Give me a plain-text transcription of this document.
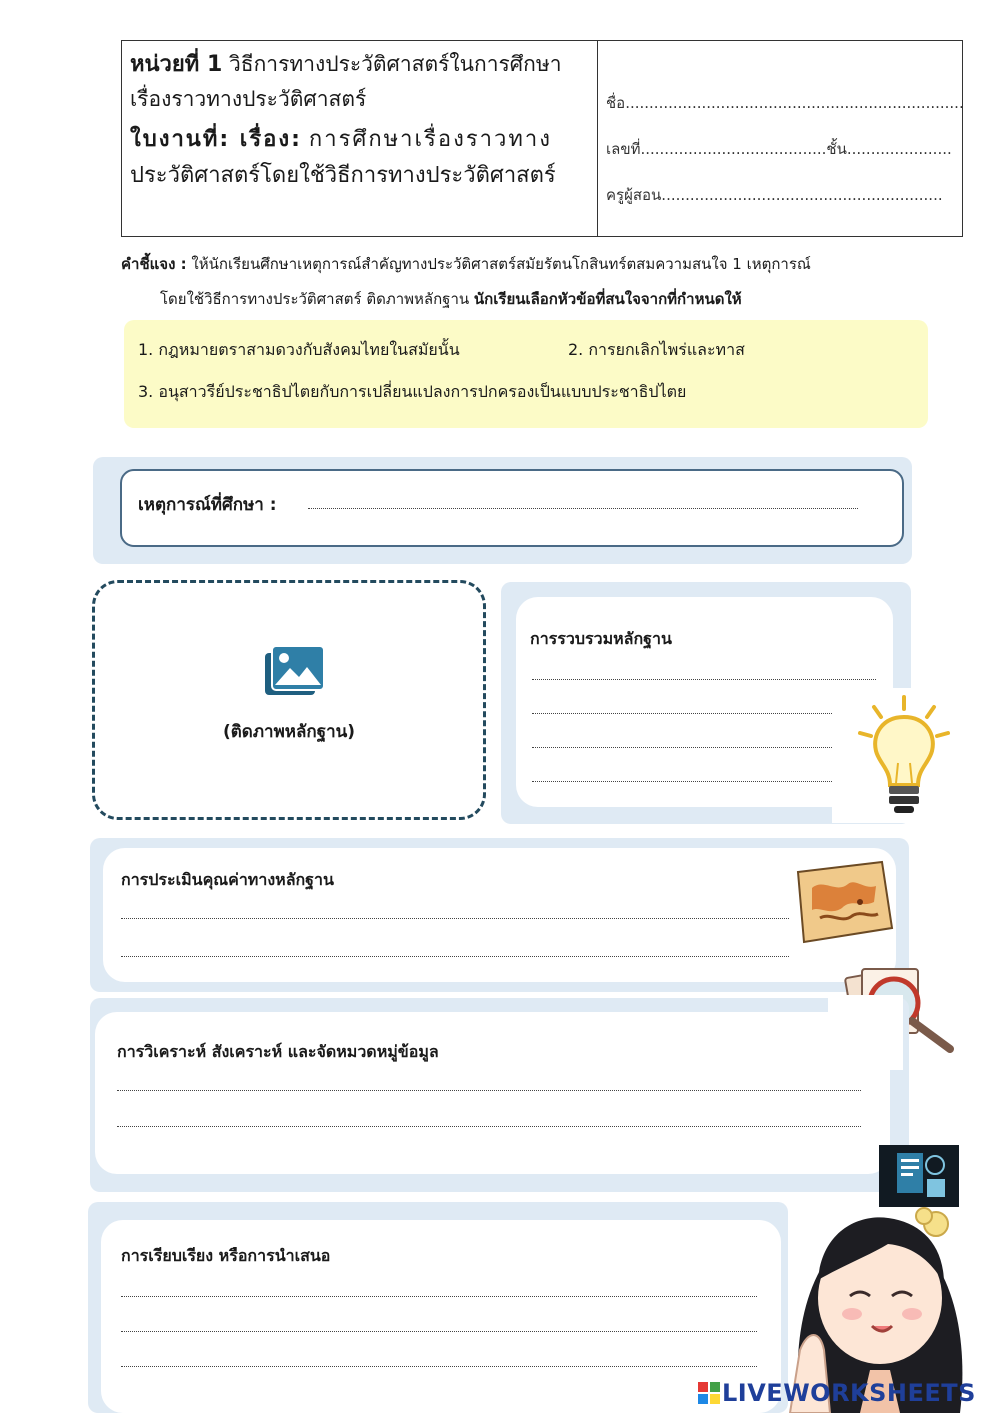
หน่วยที่ 1 วิธีการทางประวัติศาสตร์ในการศึกษา
เรื่องราวทางประวัติศาสตร์
ใบงานที่: เรื่อง: การศึกษาเรื่องราวทาง
ประวัติศาสตร์โดยใช้วิธีการทางประวัติศาสตร์
ชื่อ.......................................................................
เลขที่.......................................ชั้น......................
ครูผู้สอน...........................................................
คำชี้แจง : ให้นักเรียนศึกษาเหตุการณ์สำคัญทางประวัติศาสตร์สมัยรัตนโกสินทร์ตสมความสนใจ 1 เหตุการณ์
โดยใช้วิธีการทางประวัติศาสตร์ ติดภาพหลักฐาน นักเรียนเลือกหัวข้อที่สนใจจากที่กำหนดให้
1. กฎหมายตราสามดวงกับสังคมไทยในสมัยนั้น	2. การยกเลิกไพร่และทาส
3. อนุสาวรีย์ประชาธิปไตยกับการเปลี่ยนแปลงการปกครองเป็นแบบประชาธิปไตย
เหตุการณ์ที่ศึกษา :
(ติดภาพหลักฐาน)
การรวบรวมหลักฐาน
การประเมินคุณค่าทางหลักฐาน
การวิเคราะห์ สังเคราะห์ และจัดหมวดหมู่ข้อมูล
การเรียบเรียง หรือการนำเสนอ
LIVEWORKSHEETS
